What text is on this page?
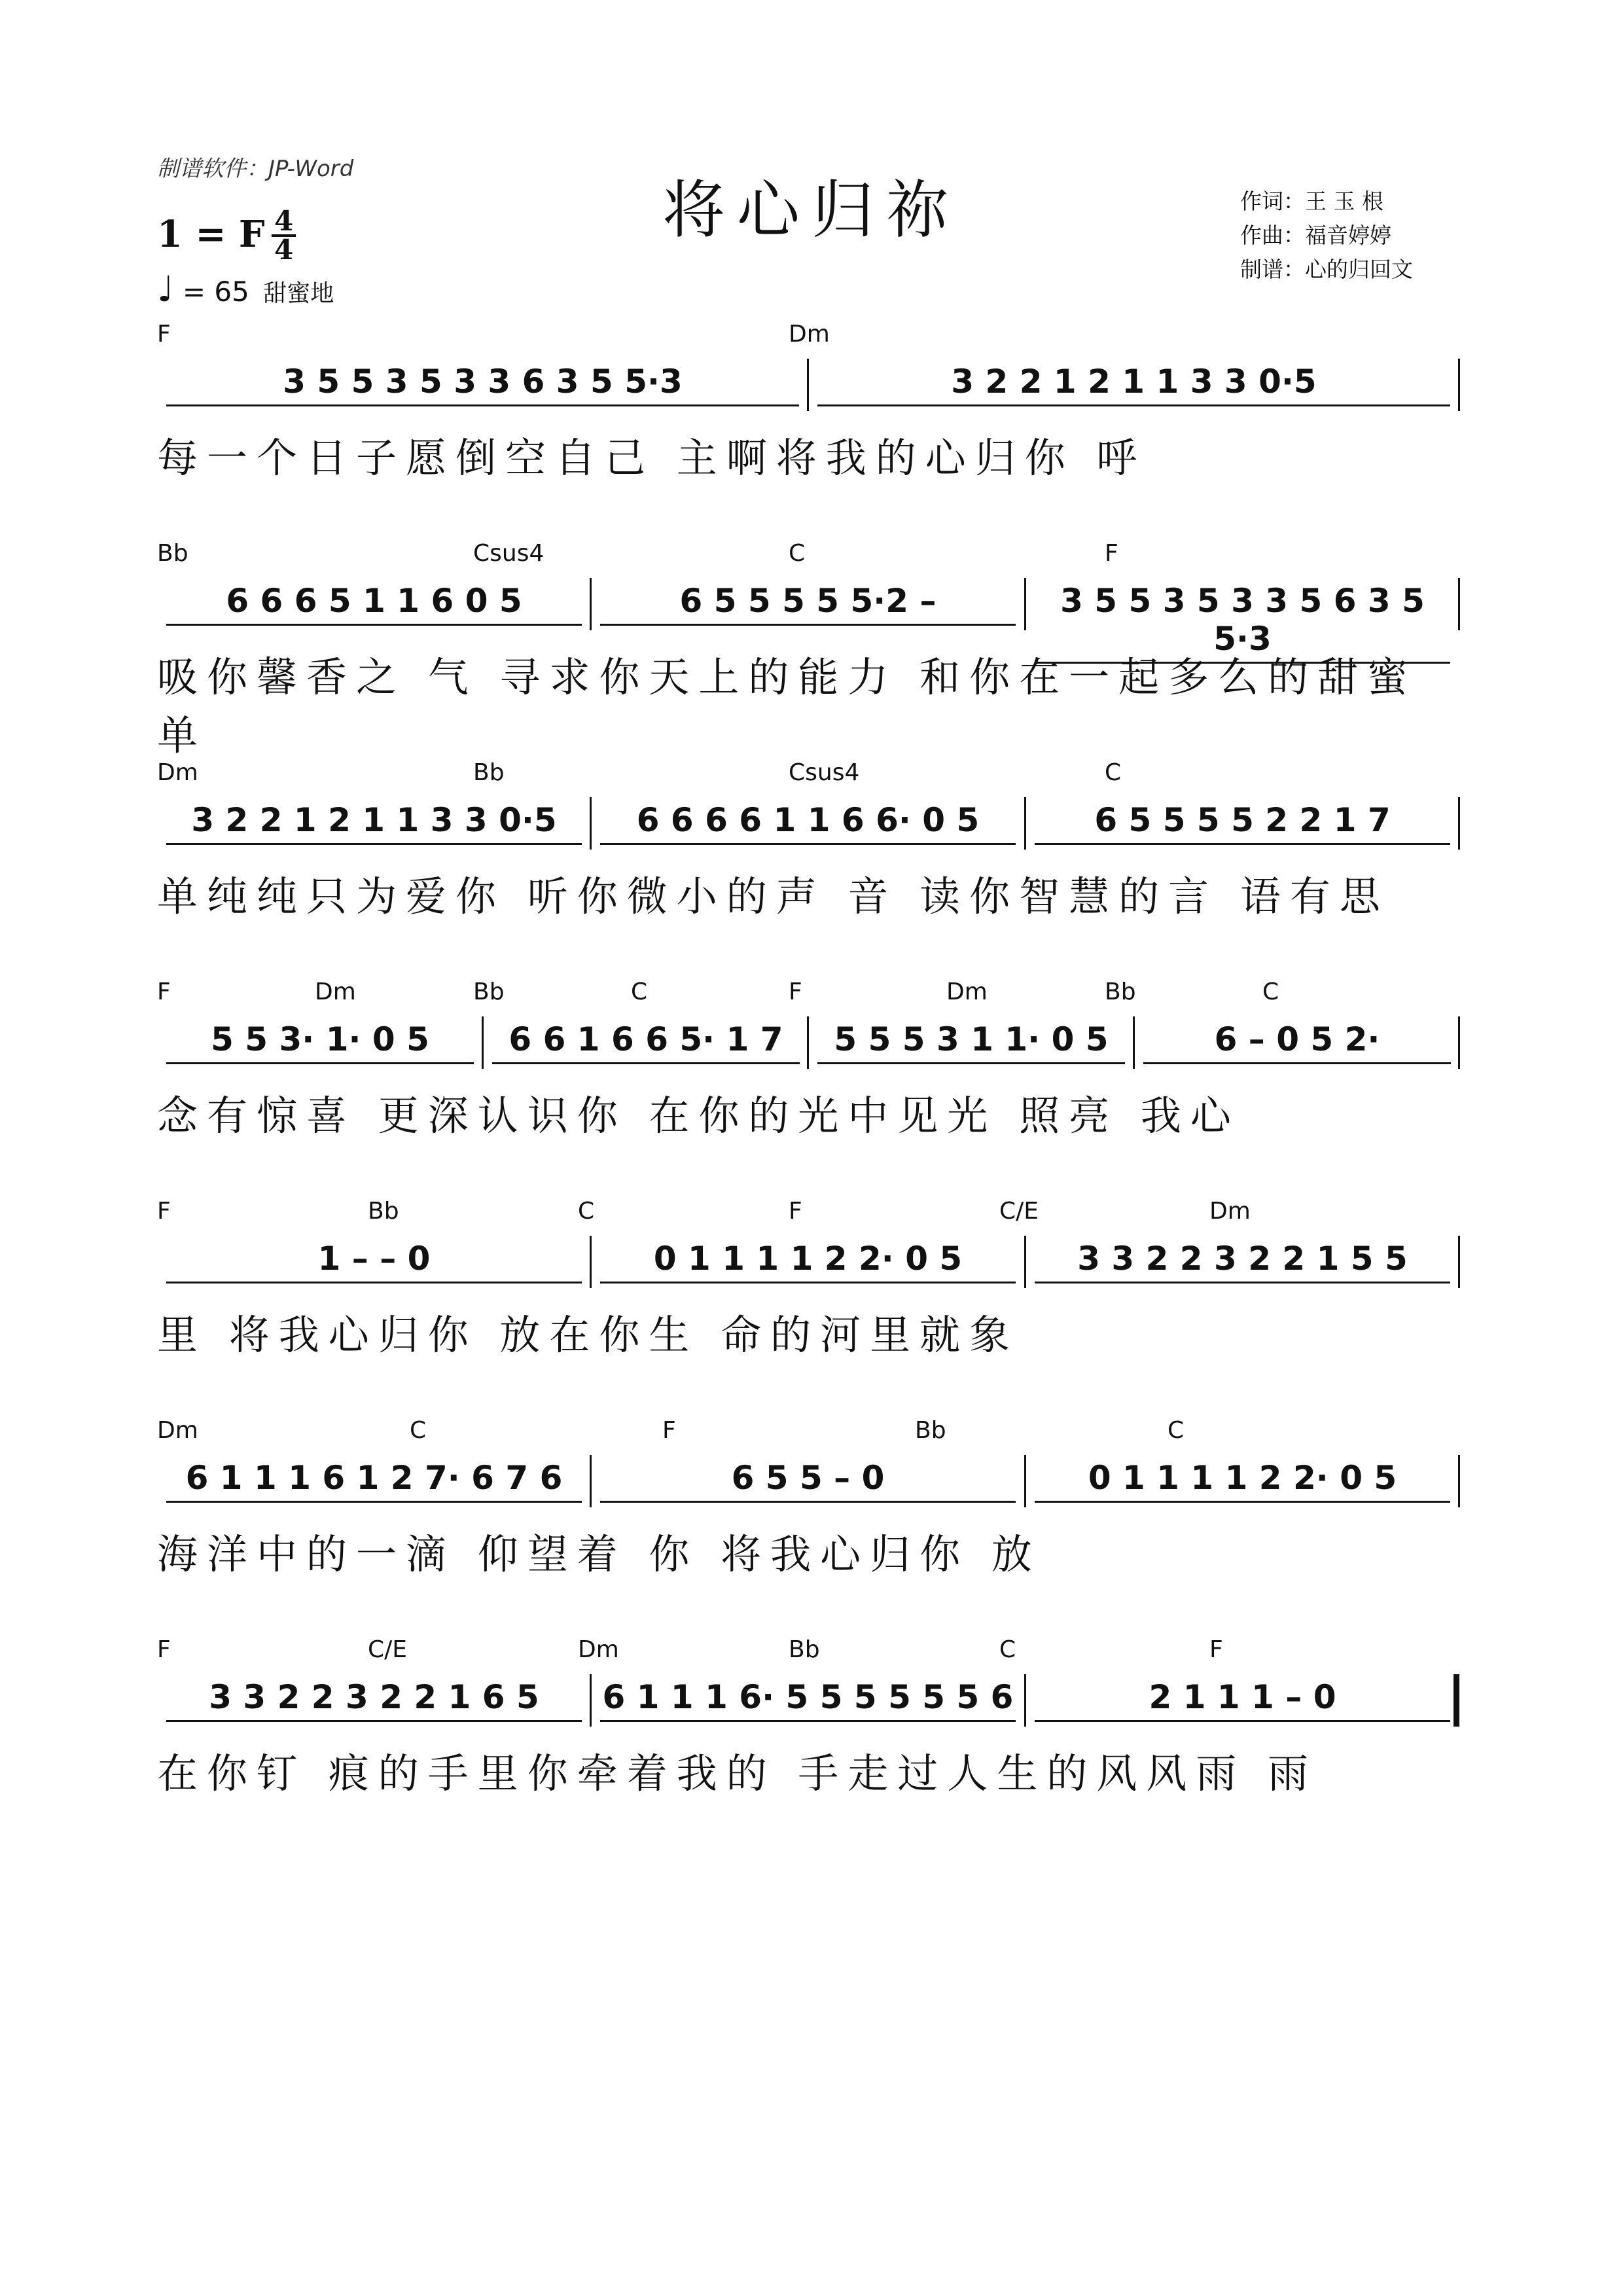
制谱软件：JP-Word
将心归祢	作词：王 玉 根
作曲：福音婷婷
制谱：心的归回文
1 = F 4
4
♩ = 65 甜蜜地
F	Dm
3 5 5 3 5 3 3 6 3 5 5·3	3 2 2 1 2 1 1 3 3 0·5
每一个日子愿倒空自己 主啊将我的心归你 呼
Bb	Csus4	C	F
6 6 6 5 1 1 6 0 5	6 5 5 5 5 5·2 –	3 5 5 3 5 3 3 5 6 3 5 5·3
吸你馨香之 气 寻求你天上的能力 和你在一起多么的甜蜜 单
Dm	Bb	Csus4	C
3 2 2 1 2 1 1 3 3 0·5	6 6 6 6 1 1 6 6· 0 5	6 5 5 5 5 2 2 1 7
单纯纯只为爱你 听你微小的声 音 读你智慧的言 语有思
F	Dm	Bb	C	F	Dm	Bb	C
5 5 3· 1· 0 5	6 6 1 6 6 5· 1 7	5 5 5 3 1 1· 0 5	6 – 0 5 2·
念有惊喜 更深认识你 在你的光中见光 照亮 我心
F	Bb	C	F	C/E	Dm
1 – – 0	0 1 1 1 1 2 2· 0 5	3 3 2 2 3 2 2 1 5 5
里 将我心归你 放在你生 命的河里就象
Dm	C	F	Bb	C
6 1 1 1 6 1 2 7· 6 7 6	6 5 5 – 0	0 1 1 1 1 2 2· 0 5
海洋中的一滴 仰望着 你 将我心归你 放
F	C/E	Dm	Bb	C	F
3 3 2 2 3 2 2 1 6 5	6 1 1 1 6· 5 5 5 5 5 5 6	2 1 1 1 – 0
在你钉 痕的手里你牵着我的 手走过人生的风风雨 雨
